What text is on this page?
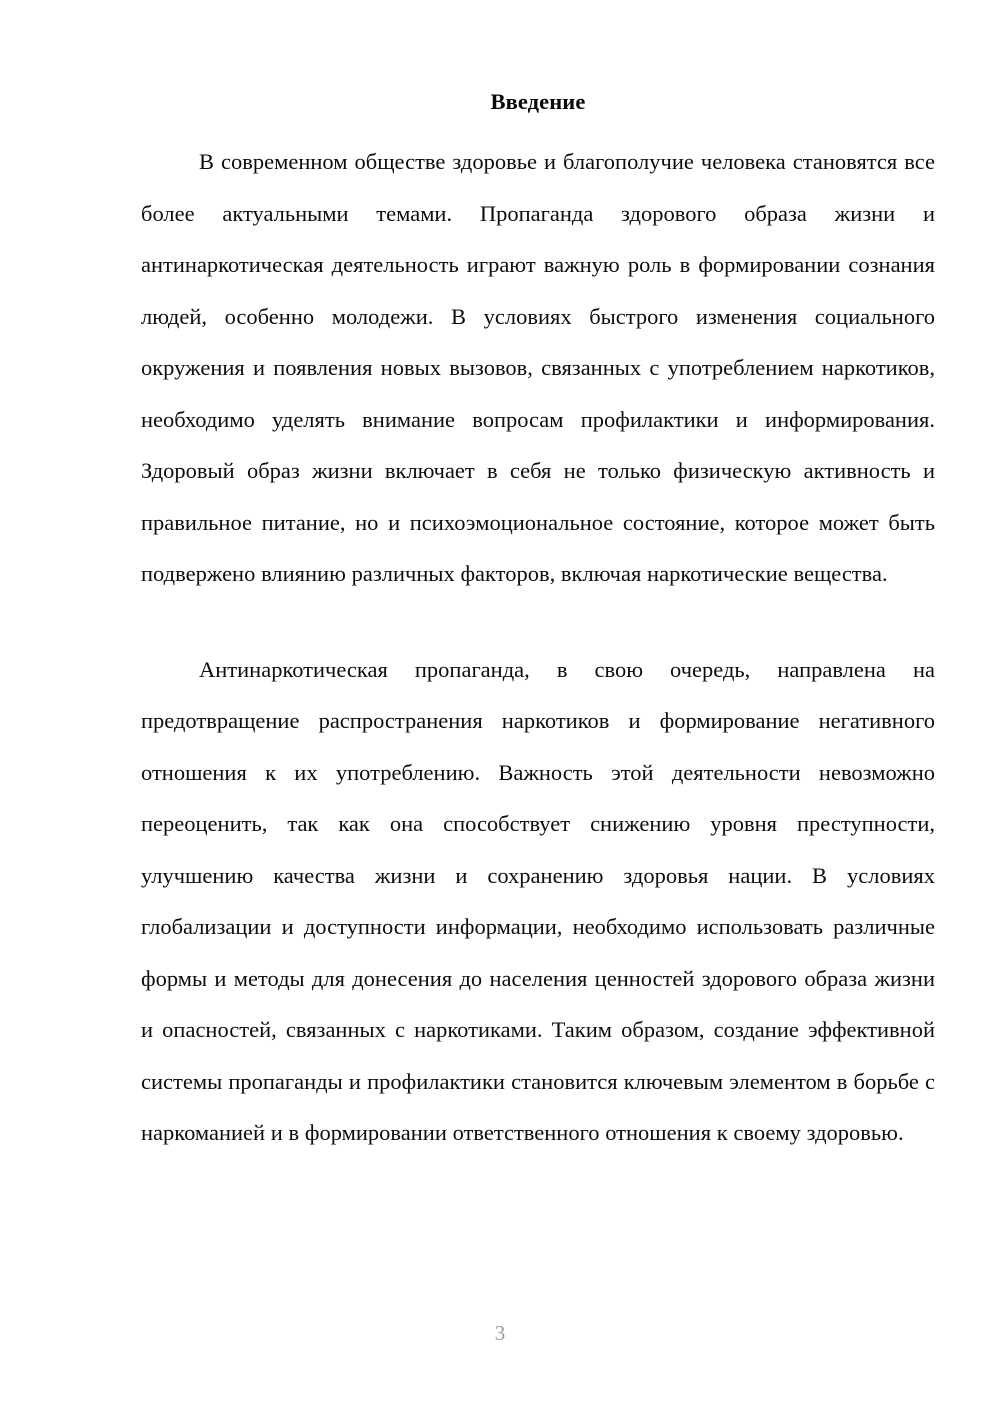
Введение

В современном обществе здоровье и благополучие человека становятся все более актуальными темами. Пропаганда здорового образа жизни и антинаркотическая деятельность играют важную роль в формировании сознания людей, особенно молодежи. В условиях быстрого изменения социального окружения и появления новых вызовов, связанных с употреблением наркотиков, необходимо уделять внимание вопросам профилактики и информирования. Здоровый образ жизни включает в себя не только физическую активность и правильное питание, но и психоэмоциональное состояние, которое может быть подвержено влиянию различных факторов, включая наркотические вещества.

Антинаркотическая пропаганда, в свою очередь, направлена на предотвращение распространения наркотиков и формирование негативного отношения к их употреблению. Важность этой деятельности невозможно переоценить, так как она способствует снижению уровня преступности, улучшению качества жизни и сохранению здоровья нации. В условиях глобализации и доступности информации, необходимо использовать различные формы и методы для донесения до населения ценностей здорового образа жизни и опасностей, связанных с наркотиками. Таким образом, создание эффективной системы пропаганды и профилактики становится ключевым элементом в борьбе с наркоманией и в формировании ответственного отношения к своему здоровью.

3
